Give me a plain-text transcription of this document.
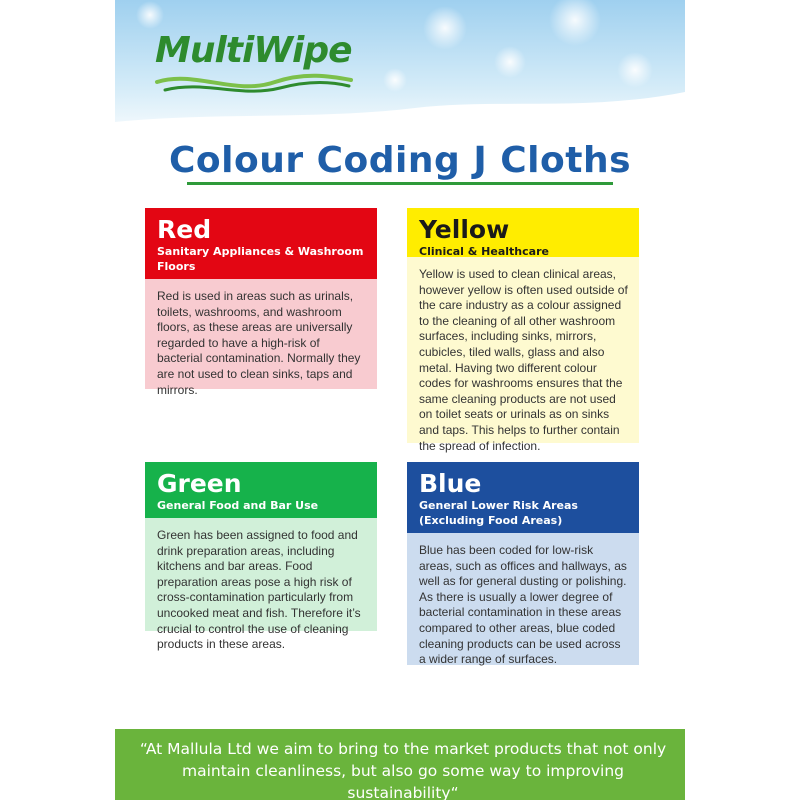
MultiWipe
Colour Coding J Cloths
Red
Sanitary Appliances & Washroom Floors
Red is used in areas such as urinals, toilets, washrooms, and washroom floors, as these areas are universally regarded to have a high-risk of bacterial contamination. Normally they are not used to clean sinks, taps and mirrors.
Yellow
Clinical & Healthcare
Yellow is used to clean clinical areas, however yellow is often used outside of the care industry as a colour assigned to the cleaning of all other washroom surfaces, including sinks, mirrors, cubicles, tiled walls, glass and also metal. Having two different colour codes for washrooms ensures that the same cleaning products are not used on toilet seats or urinals as on sinks and taps. This helps to further contain the spread of infection.
Green
General Food and Bar Use
Green has been assigned to food and drink preparation areas, including kitchens and bar areas. Food preparation areas pose a high risk of cross-contamination particularly from uncooked meat and fish. Therefore it’s crucial to control the use of cleaning products in these areas.
Blue
General Lower Risk Areas (Excluding Food Areas)
Blue has been coded for low-risk areas, such as offices and hallways, as well as for general dusting or polishing. As there is usually a lower degree of bacterial contamination in these areas compared to other areas, blue coded cleaning products can be used across a wider range of surfaces.
“At Mallula Ltd we aim to bring to the market products that not only maintain cleanliness, but also go some way to improving sustainability“
